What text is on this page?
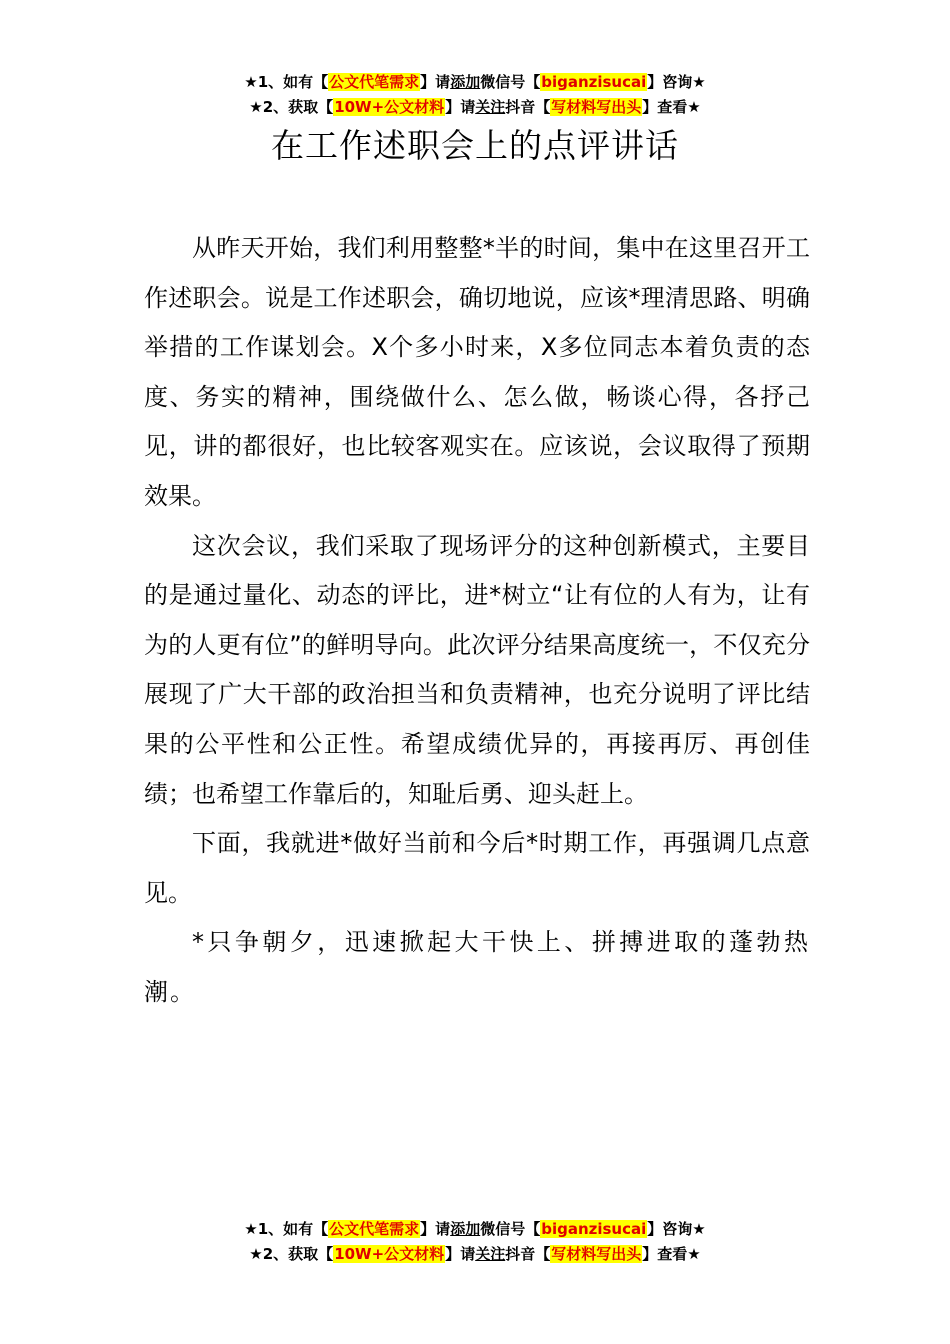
★1、如有【公文代笔需求】请添加微信号【biganzisucai】咨询★
★2、获取【10W+公文材料】请关注抖音【写材料写出头】查看★
在工作述职会上的点评讲话

从昨天开始，我们利用整整*半的时间，集中在这里召开工作述职会。说是工作述职会，确切地说，应该*理清思路、明确举措的工作谋划会。X个多小时来，X多位同志本着负责的态度、务实的精神，围绕做什么、怎么做，畅谈心得，各抒己见，讲的都很好，也比较客观实在。应该说，会议取得了预期效果。

这次会议，我们采取了现场评分的这种创新模式，主要目的是通过量化、动态的评比，进*树立“让有位的人有为，让有为的人更有位”的鲜明导向。此次评分结果高度统一，不仅充分展现了广大干部的政治担当和负责精神，也充分说明了评比结果的公平性和公正性。希望成绩优异的，再接再厉、再创佳绩；也希望工作靠后的，知耻后勇、迎头赶上。

下面，我就进*做好当前和今后*时期工作，再强调几点意见。

*只争朝夕，迅速掀起大干快上、拼搏进取的蓬勃热潮。

★1、如有【公文代笔需求】请添加微信号【biganzisucai】咨询★
★2、获取【10W+公文材料】请关注抖音【写材料写出头】查看★
